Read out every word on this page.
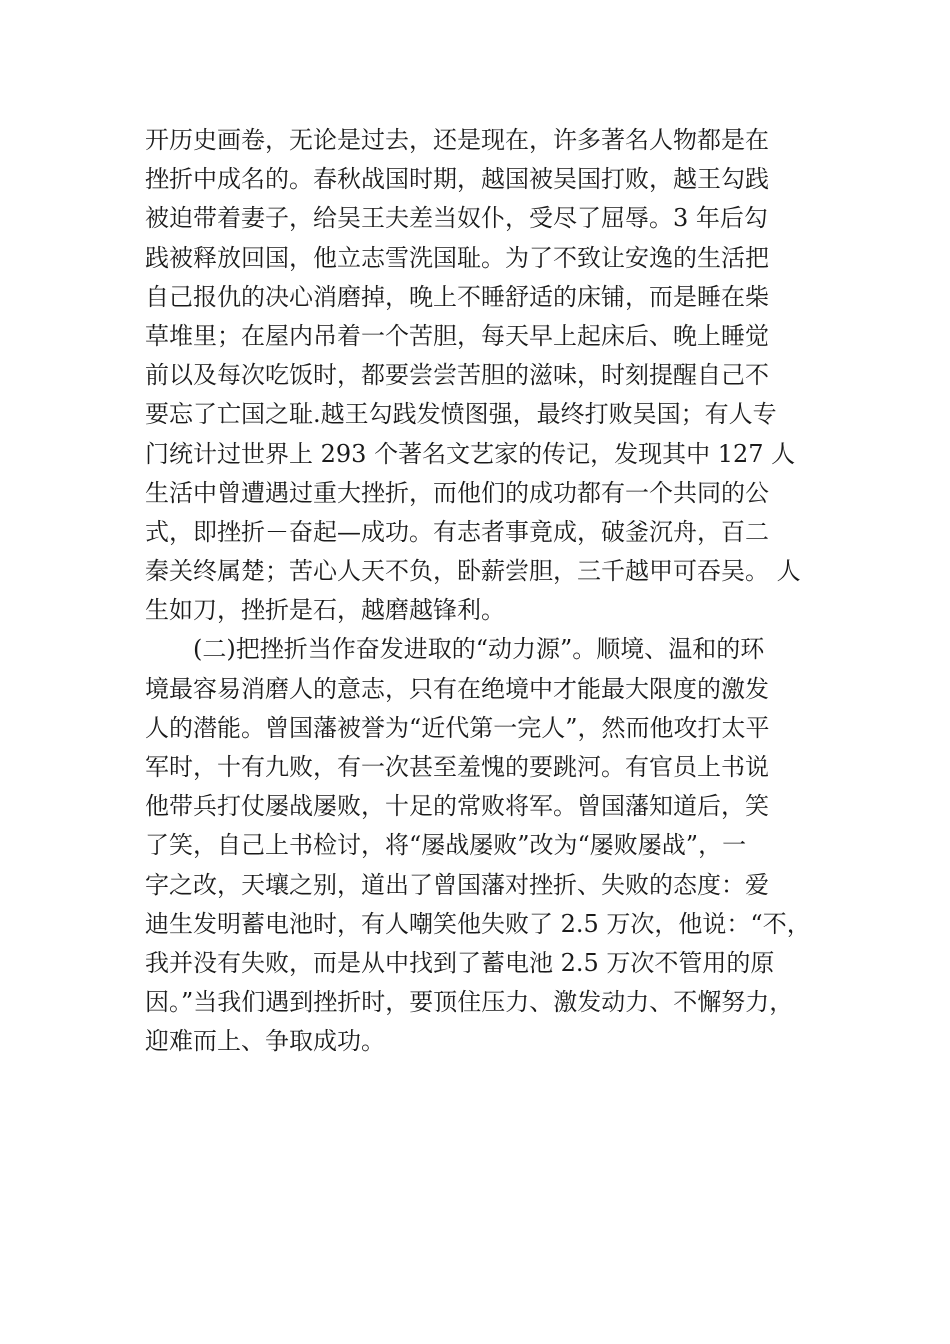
开历史画卷，无论是过去，还是现在，许多著名人物都是在
挫折中成名的。春秋战国时期，越国被吴国打败，越王勾践
被迫带着妻子，给吴王夫差当奴仆，受尽了屈辱。3 年后勾
践被释放回国，他立志雪洗国耻。为了不致让安逸的生活把
自己报仇的决心消磨掉，晚上不睡舒适的床铺，而是睡在柴
草堆里；在屋内吊着一个苦胆，每天早上起床后、晚上睡觉
前以及每次吃饭时，都要尝尝苦胆的滋味，时刻提醒自己不
要忘了亡国之耻.越王勾践发愤图强，最终打败吴国；有人专
门统计过世界上 293 个著名文艺家的传记，发现其中 127 人
生活中曾遭遇过重大挫折，而他们的成功都有一个共同的公
式，即挫折－奋起—成功。有志者事竟成，破釜沉舟，百二
秦关终属楚；苦心人天不负，卧薪尝胆，三千越甲可吞吴。 人
生如刀，挫折是石，越磨越锋利。
　　(二)把挫折当作奋发进取的“动力源”。顺境、温和的环
境最容易消磨人的意志，只有在绝境中才能最大限度的激发
人的潜能。曾国藩被誉为“近代第一完人”，然而他攻打太平
军时，十有九败，有一次甚至羞愧的要跳河。有官员上书说
他带兵打仗屡战屡败，十足的常败将军。曾国藩知道后，笑
了笑，自己上书检讨，将“屡战屡败”改为“屡败屡战”，一
字之改，天壤之别，道出了曾国藩对挫折、失败的态度：爱
迪生发明蓄电池时，有人嘲笑他失败了 2.5 万次，他说：“不，
我并没有失败，而是从中找到了蓄电池 2.5 万次不管用的原
因。”当我们遇到挫折时，要顶住压力、激发动力、不懈努力，
迎难而上、争取成功。
